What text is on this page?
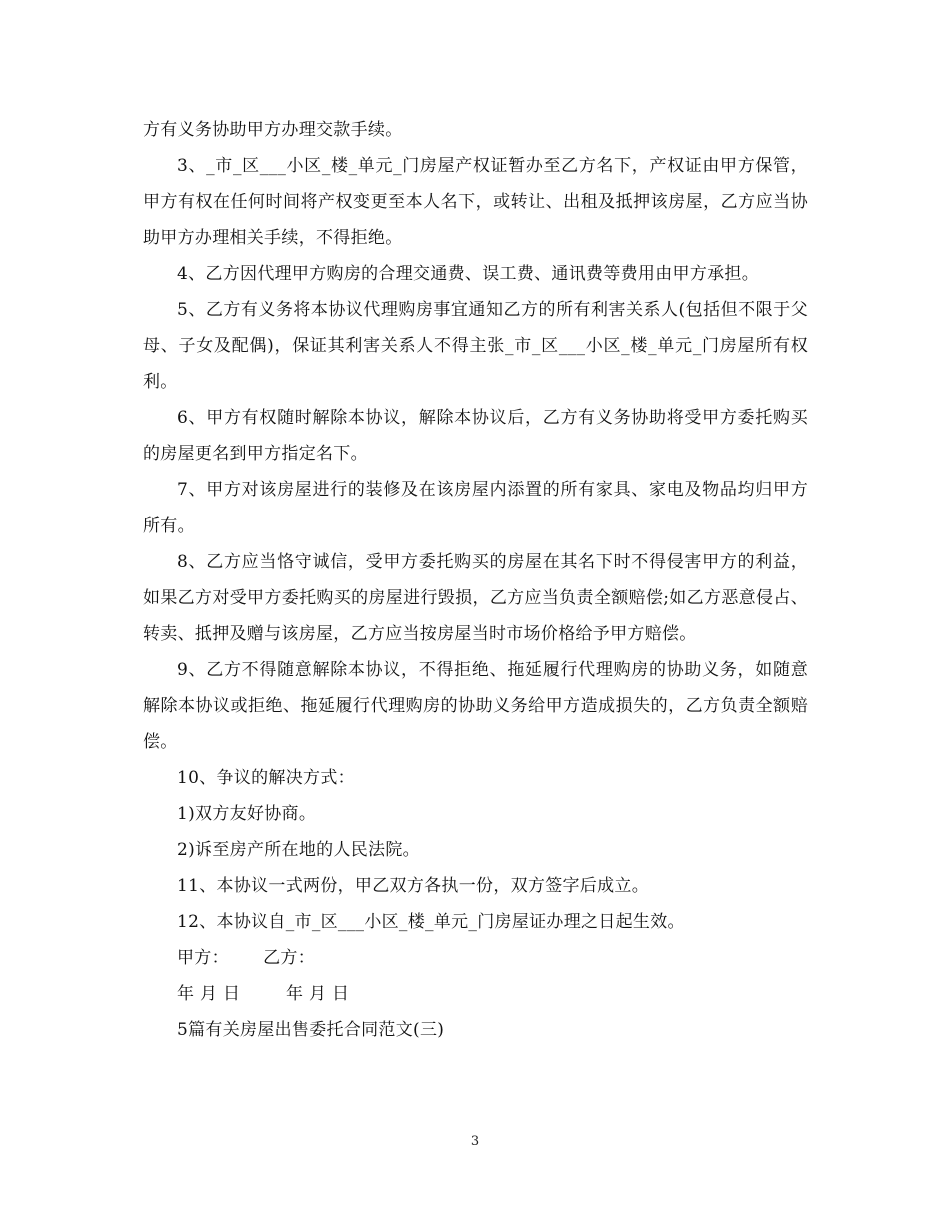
方有义务协助甲方办理交款手续。

3、_市_区___小区_楼_单元_门房屋产权证暂办至乙方名下，产权证由甲方保管，甲方有权在任何时间将产权变更至本人名下，或转让、出租及抵押该房屋，乙方应当协助甲方办理相关手续，不得拒绝。

4、乙方因代理甲方购房的合理交通费、误工费、通讯费等费用由甲方承担。

5、乙方有义务将本协议代理购房事宜通知乙方的所有利害关系人(包括但不限于父母、子女及配偶)，保证其利害关系人不得主张_市_区___小区_楼_单元_门房屋所有权利。

6、甲方有权随时解除本协议，解除本协议后，乙方有义务协助将受甲方委托购买的房屋更名到甲方指定名下。

7、甲方对该房屋进行的装修及在该房屋内添置的所有家具、家电及物品均归甲方所有。

8、乙方应当恪守诚信，受甲方委托购买的房屋在其名下时不得侵害甲方的利益，如果乙方对受甲方委托购买的房屋进行毁损，乙方应当负责全额赔偿;如乙方恶意侵占、转卖、抵押及赠与该房屋，乙方应当按房屋当时市场价格给予甲方赔偿。

9、乙方不得随意解除本协议，不得拒绝、拖延履行代理购房的协助义务，如随意解除本协议或拒绝、拖延履行代理购房的协助义务给甲方造成损失的，乙方负责全额赔偿。

10、争议的解决方式：

1)双方友好协商。

2)诉至房产所在地的人民法院。

11、本协议一式两份，甲乙双方各执一份，双方签字后成立。

12、本协议自_市_区___小区_楼_单元_门房屋证办理之日起生效。

甲方：      乙方：

年 月 日        年 月 日

5篇有关房屋出售委托合同范文(三)

3
